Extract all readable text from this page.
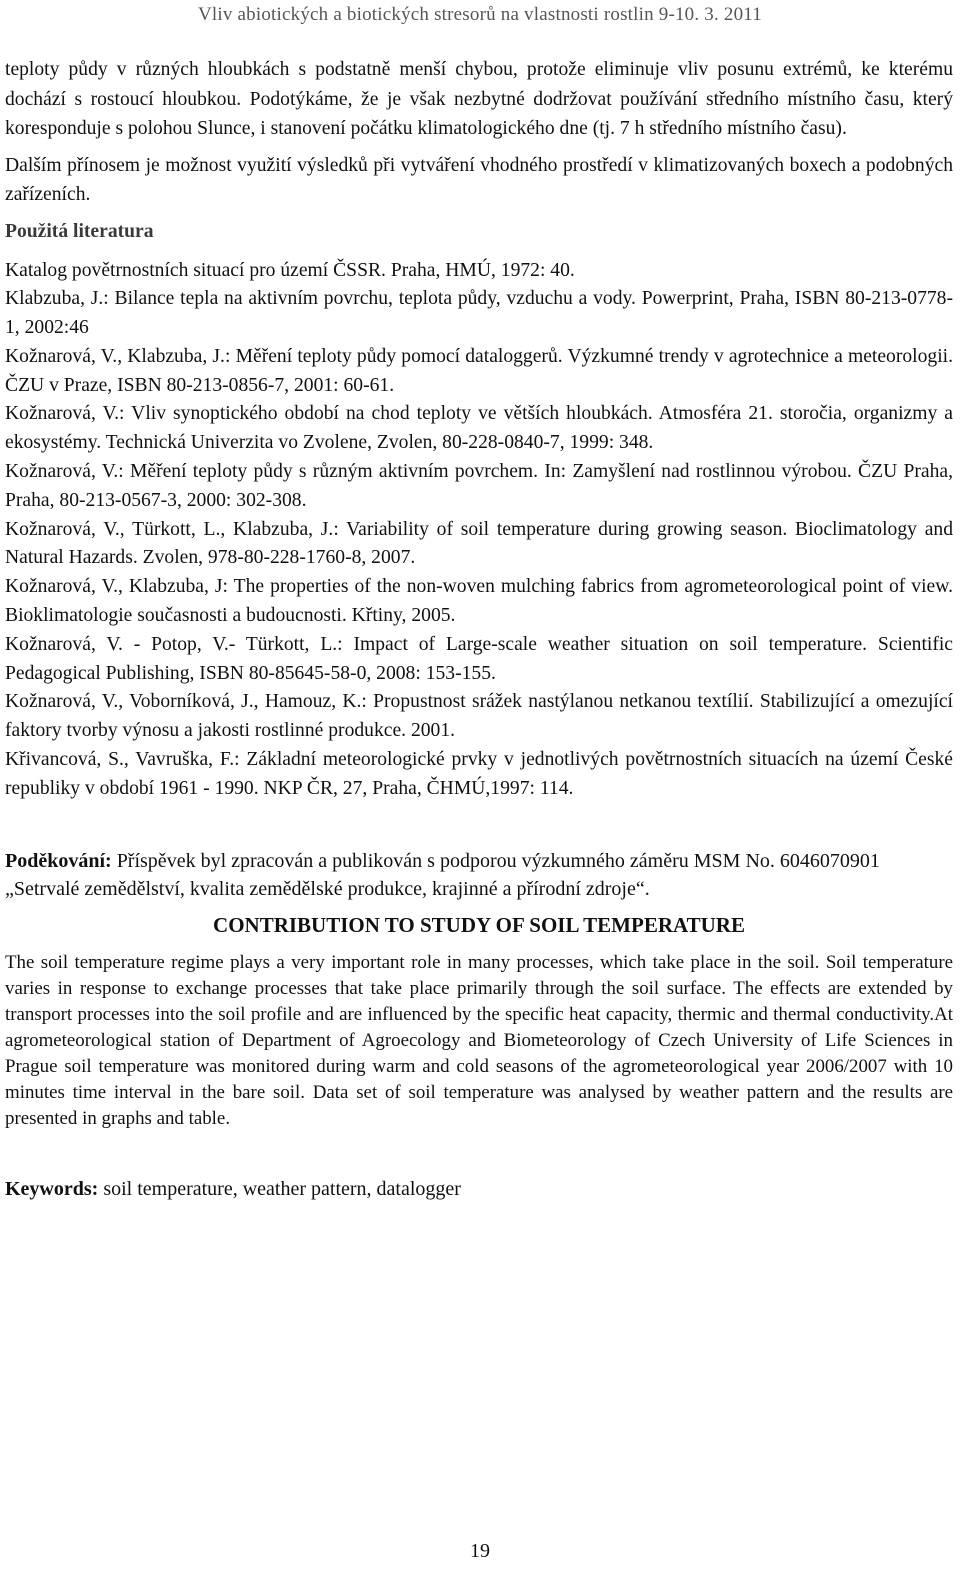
Vliv abiotických a biotických stresorů na vlastnosti rostlin 9-10. 3. 2011

teploty půdy v různých hloubkách s podstatně menší chybou, protože eliminuje vliv posunu extrémů, ke kterému dochází s rostoucí hloubkou. Podotýkáme, že je však nezbytné dodržovat používání středního místního času, který koresponduje s polohou Slunce, i stanovení počátku klimatologického dne (tj. 7 h středního místního času).

Dalším přínosem je možnost využití výsledků při vytváření vhodného prostředí v klimatizovaných boxech a podobných zařízeních.

Použitá literatura

Katalog povětrnostních situací pro území ČSSR. Praha, HMÚ, 1972: 40.

Klabzuba, J.: Bilance tepla na aktivním povrchu, teplota půdy, vzduchu a vody. Powerprint, Praha, ISBN 80-213-0778-1, 2002:46

Kožnarová, V., Klabzuba, J.: Měření teploty půdy pomocí dataloggerů. Výzkumné trendy v agrotechnice a meteorologii. ČZU v Praze, ISBN 80-213-0856-7, 2001: 60-61.

Kožnarová, V.: Vliv synoptického období na chod teploty ve větších hloubkách. Atmosféra 21. storočia, organizmy a ekosystémy. Technická Univerzita vo Zvolene, Zvolen, 80-228-0840-7, 1999: 348.

Kožnarová, V.: Měření teploty půdy s různým aktivním povrchem. In: Zamyšlení nad rostlinnou výrobou. ČZU Praha, Praha, 80-213-0567-3, 2000: 302-308.

Kožnarová, V., Türkott, L., Klabzuba, J.: Variability of soil temperature during growing season. Bioclimatology and Natural Hazards. Zvolen, 978-80-228-1760-8, 2007.

Kožnarová, V., Klabzuba, J: The properties of the non-woven mulching fabrics from agrometeorological point of view. Bioklimatologie současnosti a budoucnosti. Křtiny, 2005.

Kožnarová, V. - Potop, V.- Türkott, L.: Impact of Large-scale weather situation on soil temperature. Scientific Pedagogical Publishing, ISBN 80-85645-58-0, 2008: 153-155.

Kožnarová, V., Voborníková, J., Hamouz, K.: Propustnost srážek nastýlanou netkanou textílií. Stabilizující a omezující faktory tvorby výnosu a jakosti rostlinné produkce. 2001.

Křivancová, S., Vavruška, F.: Základní meteorologické prvky v jednotlivých povětrnostních situacích na území České republiky v období 1961 - 1990. NKP ČR, 27, Praha, ČHMÚ,1997: 114.

Poděkování: Příspěvek byl zpracován a publikován s podporou výzkumného záměru MSM No. 6046070901 „Setrvalé zemědělství, kvalita zemědělské produkce, krajinné a přírodní zdroje“.

CONTRIBUTION TO STUDY OF SOIL TEMPERATURE

The soil temperature regime plays a very important role in many processes, which take place in the soil. Soil temperature varies in response to exchange processes that take place primarily through the soil surface. The effects are extended by transport processes into the soil profile and are influenced by the specific heat capacity, thermic and thermal conductivity.At agrometeorological station of Department of Agroecology and Biometeorology of Czech University of Life Sciences in Prague soil temperature was monitored during warm and cold seasons of the agrometeorological year 2006/2007 with 10 minutes time interval in the bare soil. Data set of soil temperature was analysed by weather pattern and the results are presented in graphs and table.

Keywords: soil temperature, weather pattern, datalogger

19
